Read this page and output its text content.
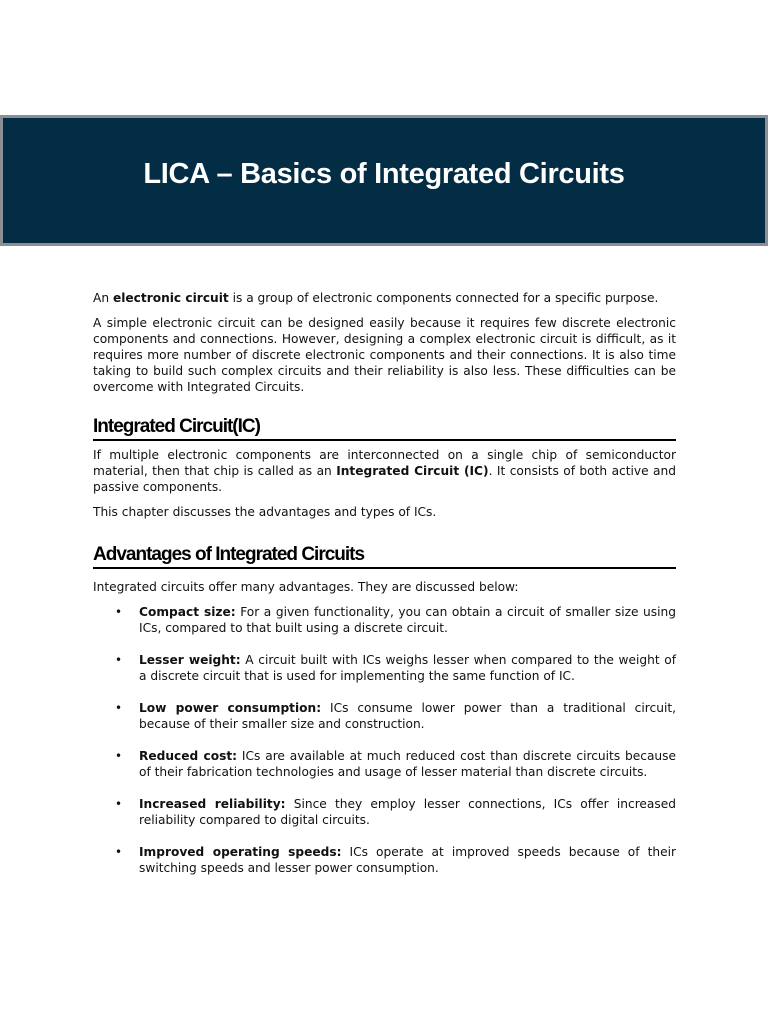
LICA – Basics of Integrated Circuits

An electronic circuit is a group of electronic components connected for a specific purpose.

A simple electronic circuit can be designed easily because it requires few discrete electronic components and connections. However, designing a complex electronic circuit is difficult, as it requires more number of discrete electronic components and their connections. It is also time taking to build such complex circuits and their reliability is also less. These difficulties can be overcome with Integrated Circuits.

Integrated Circuit(IC)

If multiple electronic components are interconnected on a single chip of semiconductor material, then that chip is called as an Integrated Circuit (IC). It consists of both active and passive components.

This chapter discusses the advantages and types of ICs.

Advantages of Integrated Circuits

Integrated circuits offer many advantages. They are discussed below:

• Compact size: For a given functionality, you can obtain a circuit of smaller size using ICs, compared to that built using a discrete circuit.
• Lesser weight: A circuit built with ICs weighs lesser when compared to the weight of a discrete circuit that is used for implementing the same function of IC.
• Low power consumption: ICs consume lower power than a traditional circuit, because of their smaller size and construction.
• Reduced cost: ICs are available at much reduced cost than discrete circuits because of their fabrication technologies and usage of lesser material than discrete circuits.
• Increased reliability: Since they employ lesser connections, ICs offer increased reliability compared to digital circuits.
• Improved operating speeds: ICs operate at improved speeds because of their switching speeds and lesser power consumption.
